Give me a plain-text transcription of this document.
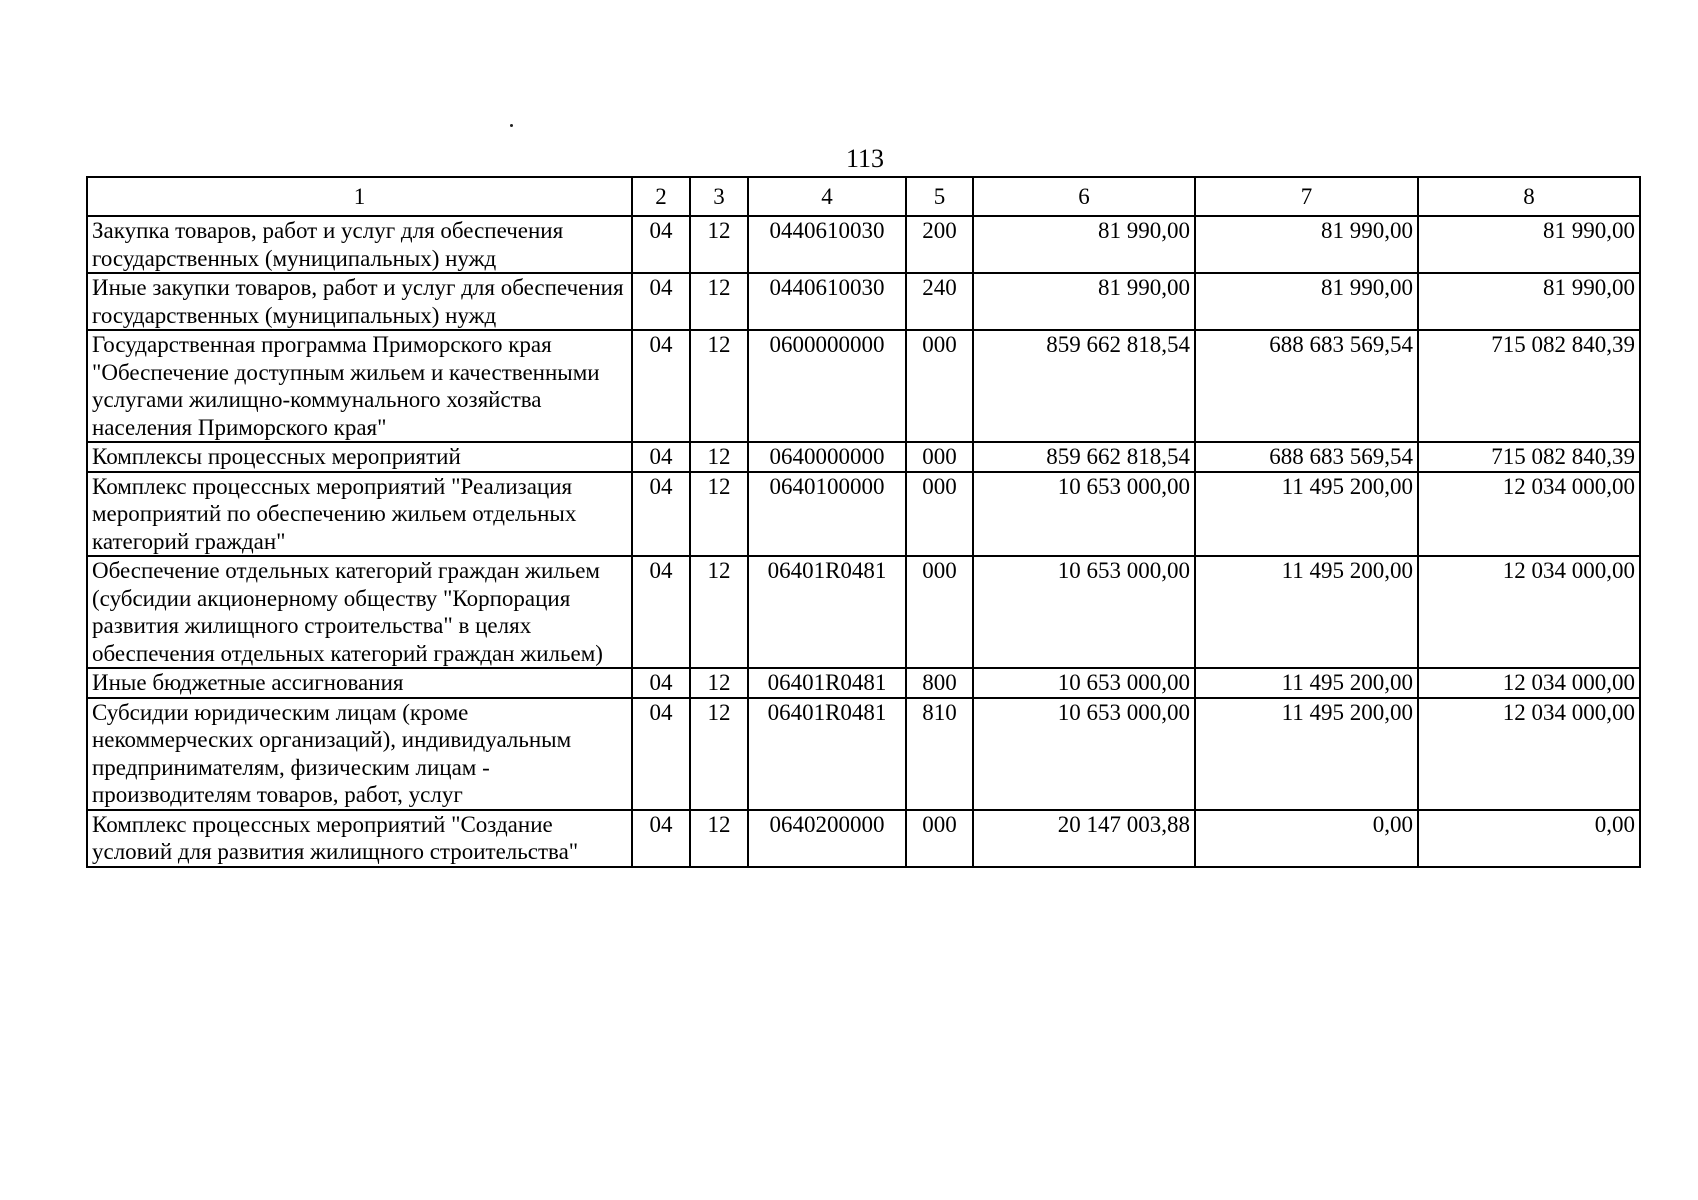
113
1	2	3	4	5	6	7	8
Закупка товаров, работ и услуг для обеспечения государственных (муниципальных) нужд	04	12	0440610030	200	81 990,00	81 990,00	81 990,00
Иные закупки товаров, работ и услуг для обеспечения государственных (муниципальных) нужд	04	12	0440610030	240	81 990,00	81 990,00	81 990,00
Государственная программа Приморского края "Обеспечение доступным жильем и качественными услугами жилищно-коммунального хозяйства населения Приморского края"	04	12	0600000000	000	859 662 818,54	688 683 569,54	715 082 840,39
Комплексы процессных мероприятий	04	12	0640000000	000	859 662 818,54	688 683 569,54	715 082 840,39
Комплекс процессных мероприятий "Реализация мероприятий по обеспечению жильем отдельных категорий граждан"	04	12	0640100000	000	10 653 000,00	11 495 200,00	12 034 000,00
Обеспечение отдельных категорий граждан жильем (субсидии акционерному обществу "Корпорация развития жилищного строительства" в целях обеспечения отдельных категорий граждан жильем)	04	12	06401R0481	000	10 653 000,00	11 495 200,00	12 034 000,00
Иные бюджетные ассигнования	04	12	06401R0481	800	10 653 000,00	11 495 200,00	12 034 000,00
Субсидии юридическим лицам (кроме некоммерческих организаций), индивидуальным предпринимателям, физическим лицам - производителям товаров, работ, услуг	04	12	06401R0481	810	10 653 000,00	11 495 200,00	12 034 000,00
Комплекс процессных мероприятий "Создание условий для развития жилищного строительства"	04	12	0640200000	000	20 147 003,88	0,00	0,00
